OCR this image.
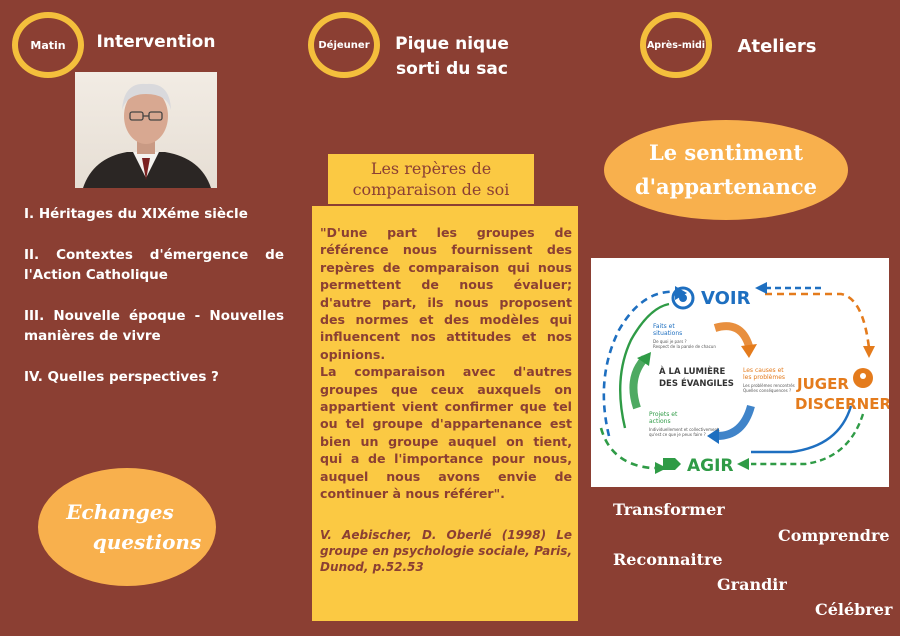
Matin Intervention

I. Héritages du XIXéme siècle

II. Contextes d'émergence de l'Action Catholique

III. Nouvelle époque - Nouvelles manières de vivre

IV. Quelles perspectives ?

Echanges
questions
Déjeuner	Pique nique
sorti du sac
Les repères de
comparaison de soi

"D'une part les groupes de référence nous fournissent des repères de comparaison qui nous permettent de nous évaluer; d'autre part, ils nous proposent des normes et des modèles qui influencent nos attitudes et nos opinions.

La comparaison avec d'autres groupes que ceux auxquels on appartient vient confirmer que tel ou tel groupe d'appartenance est bien un groupe auquel on tient, qui a de l'importance pour nous, auquel nous avons envie de continuer à nous référer".

V. Aebischer, D. Oberlé (1998) Le groupe en psychologie sociale, Paris, Dunod, p.52.53

Après-midi	Ateliers
Le sentiment
d'appartenance
VOIR
JUGER
DISCERNER
AGIR
À LA LUMIÈRE
DES ÉVANGILES
Faits et
situations
De quoi je pars ?
Respect de la parole de chacun
Les causes et
les problèmes
Les problèmes rencontrés
Quelles conséquences ?
Projets et
actions
Individuellement et collectivement,
qu'est ce que je peux faire ?
Transformer
Comprendre
Reconnaitre
Grandir
Célébrer
